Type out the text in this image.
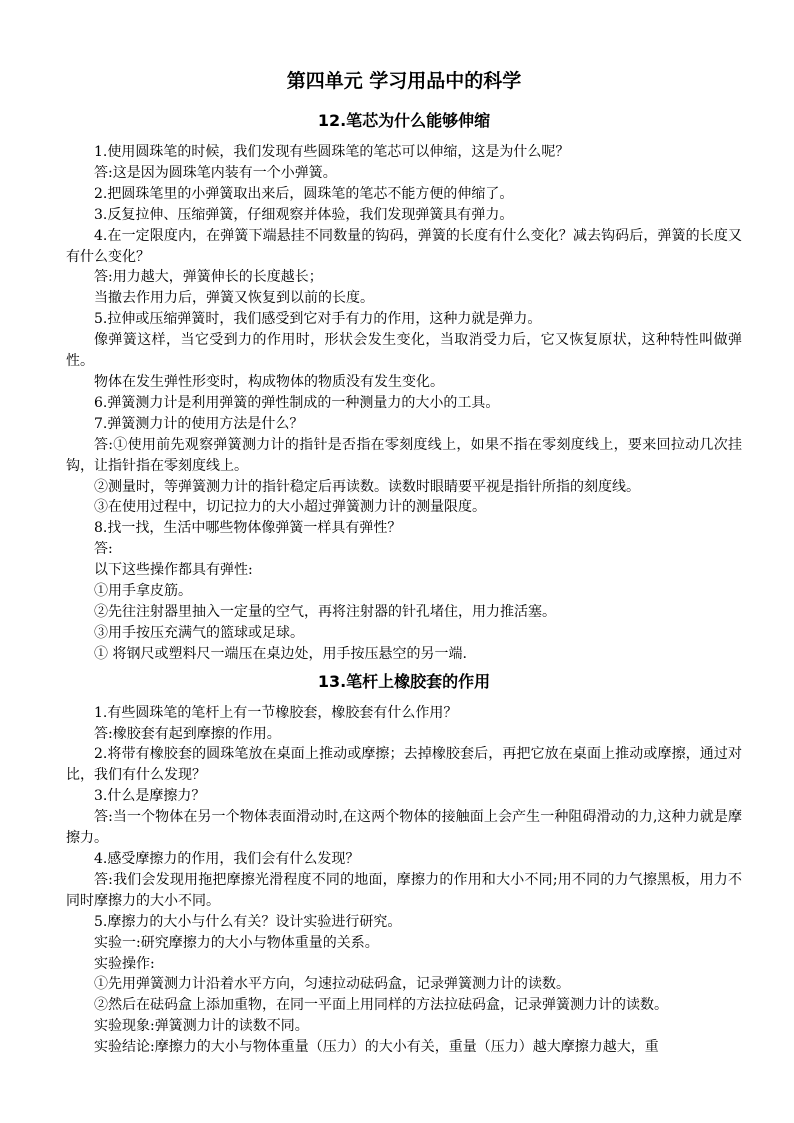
第四单元 学习用品中的科学
12.笔芯为什么能够伸缩

1.使用圆珠笔的时候，我们发现有些圆珠笔的笔芯可以伸缩，这是为什么呢？

答:这是因为圆珠笔内装有一个小弹簧。

2.把圆珠笔里的小弹簧取出来后，圆珠笔的笔芯不能方便的伸缩了。

3.反复拉伸、压缩弹簧，仔细观察并体验，我们发现弹簧具有弹力。

4.在一定限度内，在弹簧下端悬挂不同数量的钩码，弹簧的长度有什么变化？减去钩码后，弹簧的长度又有什么变化？

答:用力越大，弹簧伸长的长度越长；

当撤去作用力后，弹簧又恢复到以前的长度。

5.拉伸或压缩弹簧时，我们感受到它对手有力的作用，这种力就是弹力。

像弹簧这样，当它受到力的作用时，形状会发生变化，当取消受力后，它又恢复原状，这种特性叫做弹性。

物体在发生弹性形变时，构成物体的物质没有发生变化。

6.弹簧测力计是利用弹簧的弹性制成的一种测量力的大小的工具。

7.弹簧测力计的使用方法是什么？

答:①使用前先观察弹簧测力计的指针是否指在零刻度线上，如果不指在零刻度线上，要来回拉动几次挂钩，让指针指在零刻度线上。

②测量时，等弹簧测力计的指针稳定后再读数。读数时眼睛要平视是指针所指的刻度线。

③在使用过程中，切记拉力的大小超过弹簧测力计的测量限度。

8.找一找，生活中哪些物体像弹簧一样具有弹性？

答:

以下这些操作都具有弹性:

①用手拿皮筋。

②先往注射器里抽入一定量的空气，再将注射器的针孔堵住，用力推活塞。

③用手按压充满气的篮球或足球。

① 将钢尺或塑料尺一端压在桌边处，用手按压悬空的另一端.

13.笔杆上橡胶套的作用

1.有些圆珠笔的笔杆上有一节橡胶套，橡胶套有什么作用？

答:橡胶套有起到摩擦的作用。

2.将带有橡胶套的圆珠笔放在桌面上推动或摩擦；去掉橡胶套后，再把它放在桌面上推动或摩擦，通过对比，我们有什么发现？

3.什么是摩擦力？

答:当一个物体在另一个物体表面滑动时,在这两个物体的接触面上会产生一种阻碍滑动的力,这种力就是摩擦力。

4.感受摩擦力的作用，我们会有什么发现？

答:我们会发现用拖把摩擦光滑程度不同的地面，摩擦力的作用和大小不同;用不同的力气擦黑板，用力不同时摩擦力的大小不同。

5.摩擦力的大小与什么有关？设计实验进行研究。

实验一:研究摩擦力的大小与物体重量的关系。

实验操作:

①先用弹簧测力计沿着水平方向，匀速拉动砝码盒，记录弹簧测力计的读数。

②然后在砝码盒上添加重物，在同一平面上用同样的方法拉砝码盒，记录弹簧测力计的读数。

实验现象:弹簧测力计的读数不同。

实验结论:摩擦力的大小与物体重量（压力）的大小有关，重量（压力）越大摩擦力越大，重
